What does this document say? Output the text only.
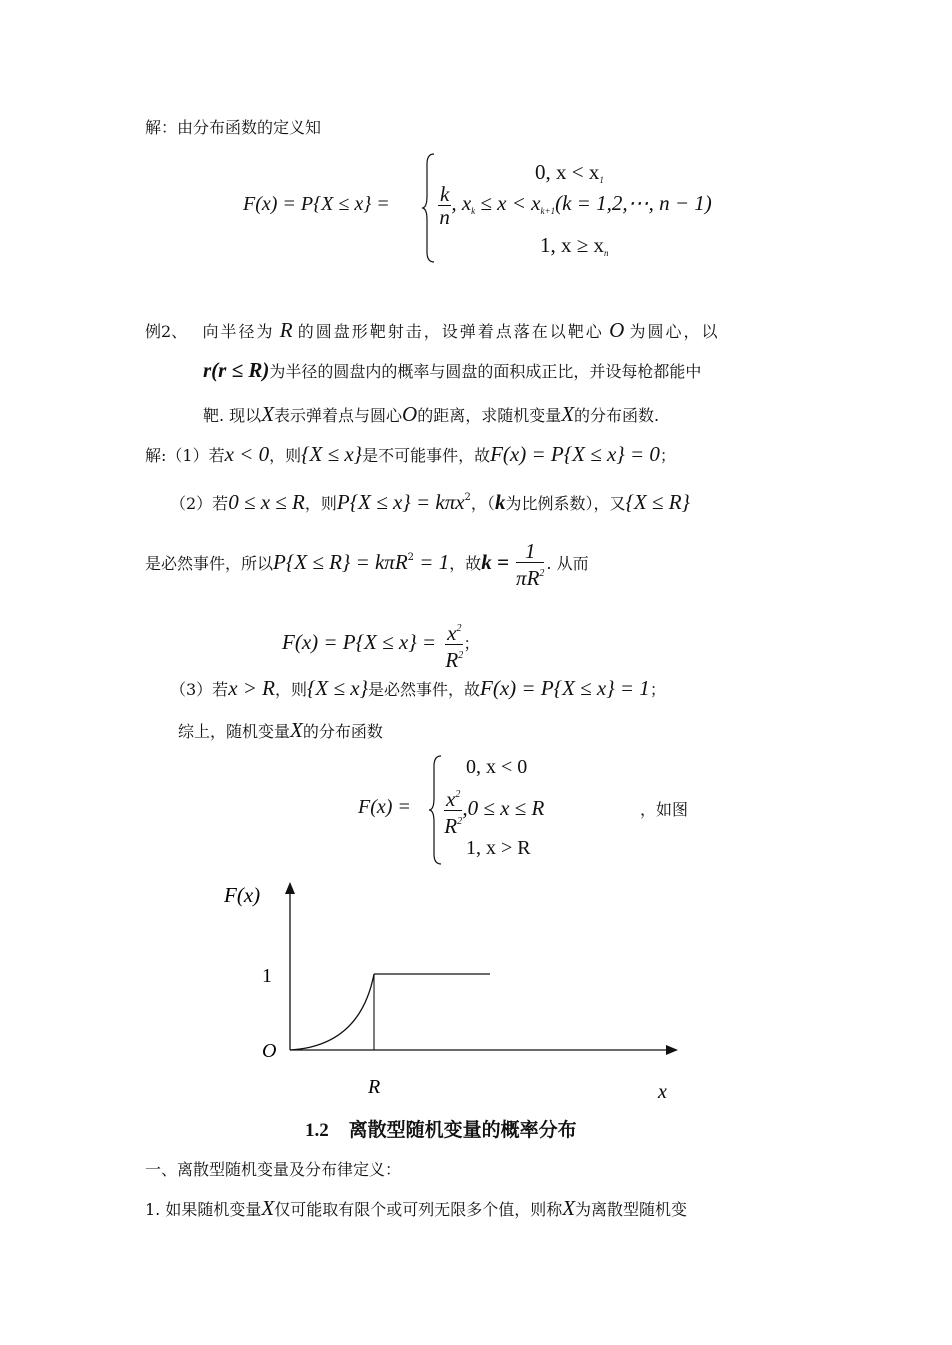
解：由分布函数的定义知
F(x) = P{X ≤ x} =
0, $x < x_1$
$\frac{k}{n}$ , $x_k \le x < x_{k+1}(k$ = 1,2,⋯, n − 1)
1, $x \ge x_n$
例2、 向半径为 R 的圆盘形靶射击，设弹着点落在以靶心 O 为圆心，以
r(r ≤ R)为半径的圆盘内的概率与圆盘的面积成正比，并设每枪都能中
靶. 现以X表示弹着点与圆心O的距离，求随机变量X的分布函数.
解:（1）若x < 0，则{X ≤ x}是不可能事件，故F(x) = P{X ≤ x} = 0；
（2）若0 ≤ x ≤ R，则P{X ≤ x} = kπx$^2$，（k为比例系数），又{X ≤ R}
是必然事件，所以P{X ≤ R} = kπR$^2$ = 1，故$k = \frac{1}{\pi R^2}$ . 从而
$F(x) = P\{X \le x\} = \frac{x^2}{R^2}$ ；
（3）若x > R，则{X ≤ x}是必然事件，故F(x) = P{X ≤ x} = 1；
综上，随机变量X的分布函数
F(x) =
0, x < 0
$\frac{x^2}{R^2} ,0 \le x \le R$
1, x > R
，如图
F(x)
1
O
R	x
1.2 离散型随机变量的概率分布
一、离散型随机变量及分布律定义：
1. 如果随机变量X仅可能取有限个或可列无限多个值，则称X为离散型随机变
